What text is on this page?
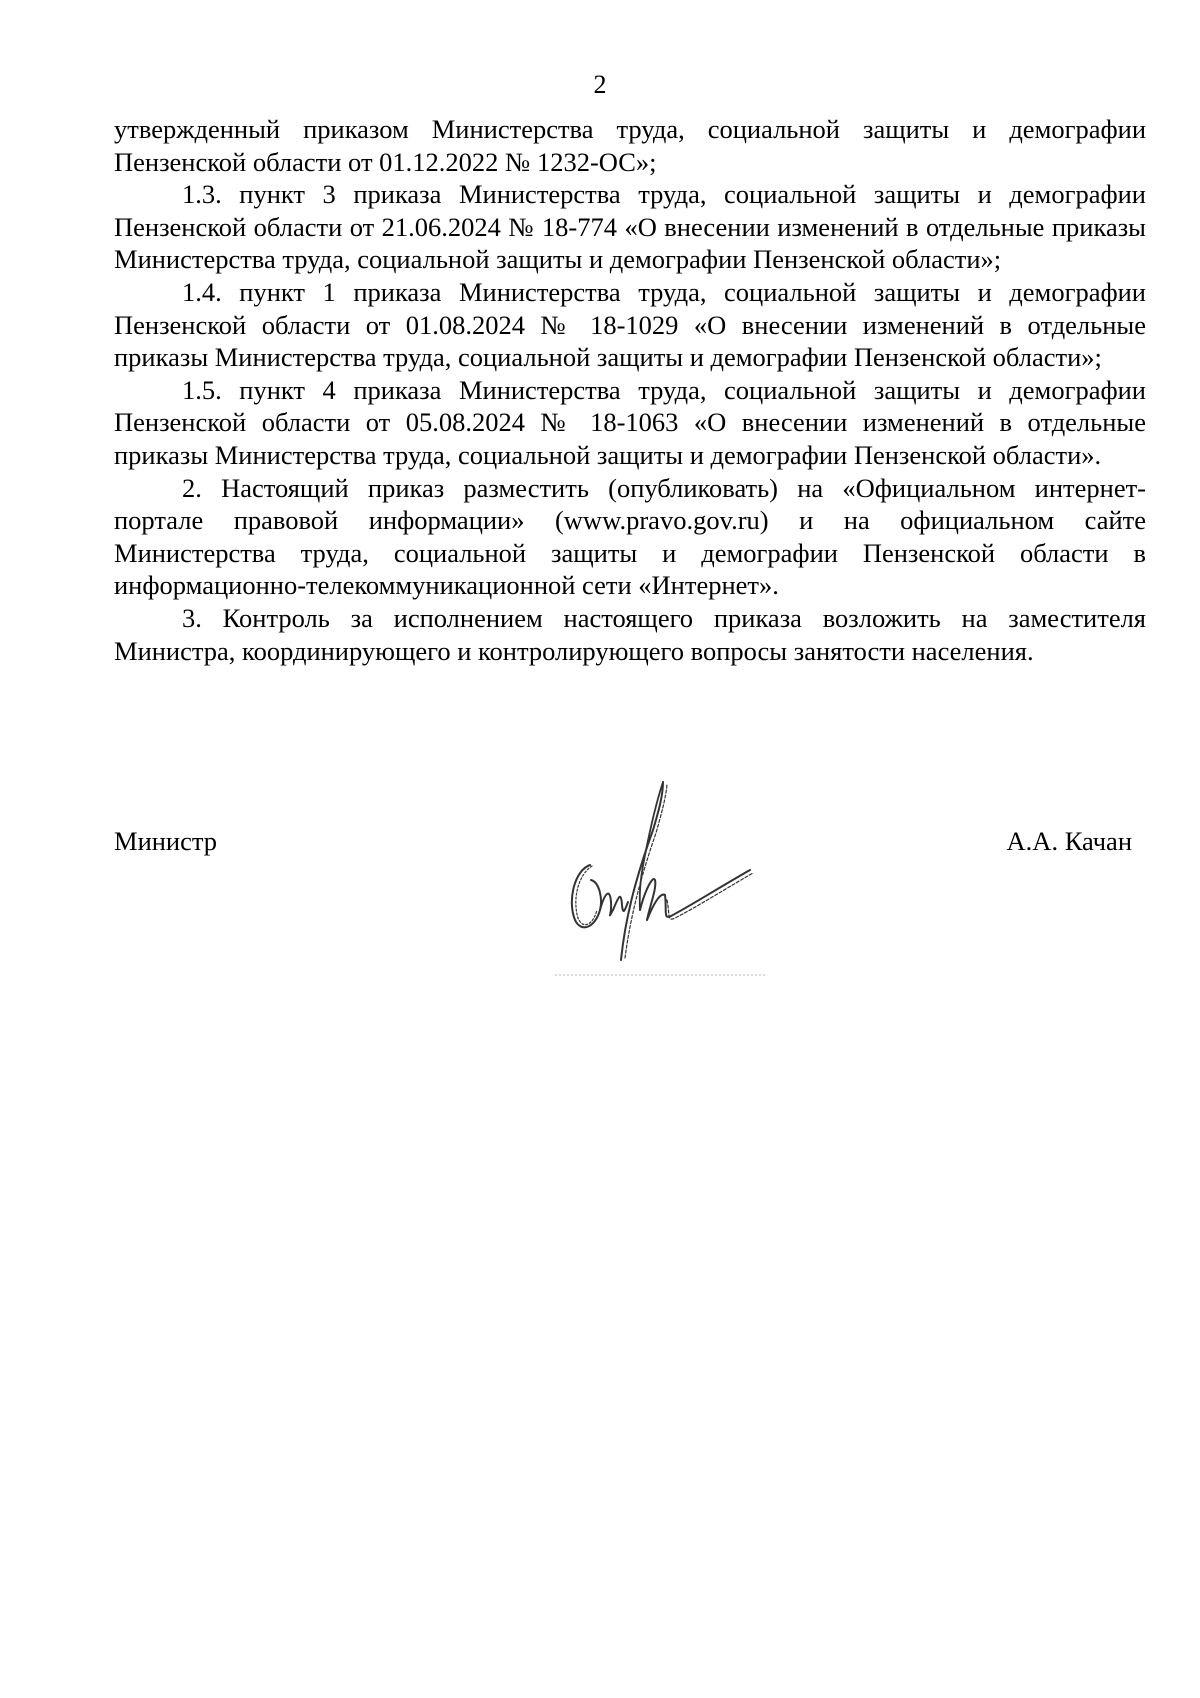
2

утвержденный приказом Министерства труда, социальной защиты и демографии Пензенской области от 01.12.2022 № 1232-ОС»;

1.3. пункт 3 приказа Министерства труда, социальной защиты и демографии Пензенской области от 21.06.2024 № 18-774 «О внесении изменений в отдельные приказы Министерства труда, социальной защиты и демографии Пензенской области»;

1.4. пункт 1 приказа Министерства труда, социальной защиты и демографии Пензенской области от 01.08.2024 № 18-1029 «О внесении изменений в отдельные приказы Министерства труда, социальной защиты и демографии Пензенской области»;

1.5. пункт 4 приказа Министерства труда, социальной защиты и демографии Пензенской области от 05.08.2024 № 18-1063 «О внесении изменений в отдельные приказы Министерства труда, социальной защиты и демографии Пензенской области».

2. Настоящий приказ разместить (опубликовать) на «Официальном интернет-портале правовой информации» (www.pravo.gov.ru) и на официальном сайте Министерства труда, социальной защиты и демографии Пензенской области в информационно-телекоммуникационной сети «Интернет».

3. Контроль за исполнением настоящего приказа возложить на заместителя Министра, координирующего и контролирующего вопросы занятости населения.

Министр	А.А. Качан
